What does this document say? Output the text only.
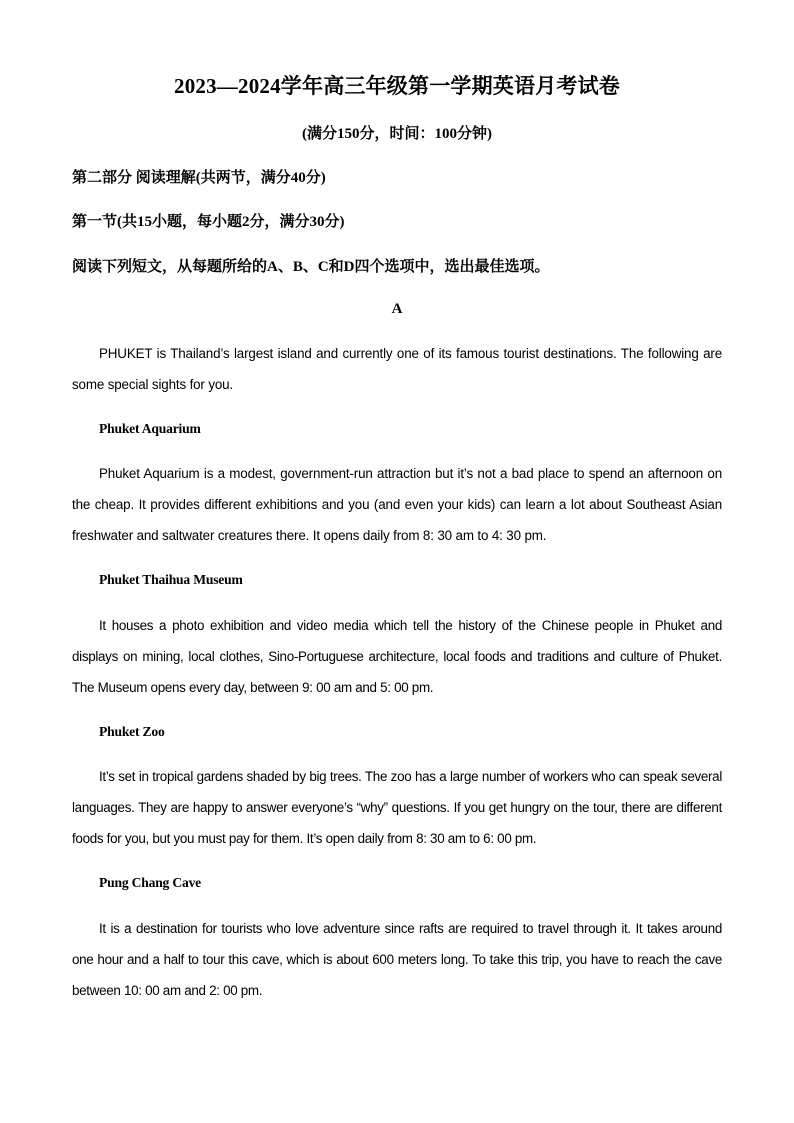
2023—2024学年高三年级第一学期英语月考试卷
(满分150分，时间：100分钟)
第二部分 阅读理解(共两节，满分40分)
第一节(共15小题，每小题2分，满分30分)
阅读下列短文，从每题所给的A、B、C和D四个选项中，选出最佳选项。
A
PHUKET is Thailand’s largest island and currently one of its famous tourist destinations. The following are some special sights for you.
Phuket Aquarium
Phuket Aquarium is a modest, government-run attraction but it’s not a bad place to spend an afternoon on the cheap. It provides different exhibitions and you (and even your kids) can learn a lot about Southeast Asian freshwater and saltwater creatures there. It opens daily from 8: 30 am to 4: 30 pm.
Phuket Thaihua Museum
It houses a photo exhibition and video media which tell the history of the Chinese people in Phuket and displays on mining, local clothes, Sino-Portuguese architecture, local foods and traditions and culture of Phuket. The Museum opens every day, between 9: 00 am and 5: 00 pm.
Phuket Zoo
It’s set in tropical gardens shaded by big trees. The zoo has a large number of workers who can speak several languages. They are happy to answer everyone’s “why” questions. If you get hungry on the tour, there are different foods for you, but you must pay for them. It’s open daily from 8: 30 am to 6: 00 pm.
Pung Chang Cave
It is a destination for tourists who love adventure since rafts are required to travel through it. It takes around one hour and a half to tour this cave, which is about 600 meters long. To take this trip, you have to reach the cave between 10: 00 am and 2: 00 pm.
